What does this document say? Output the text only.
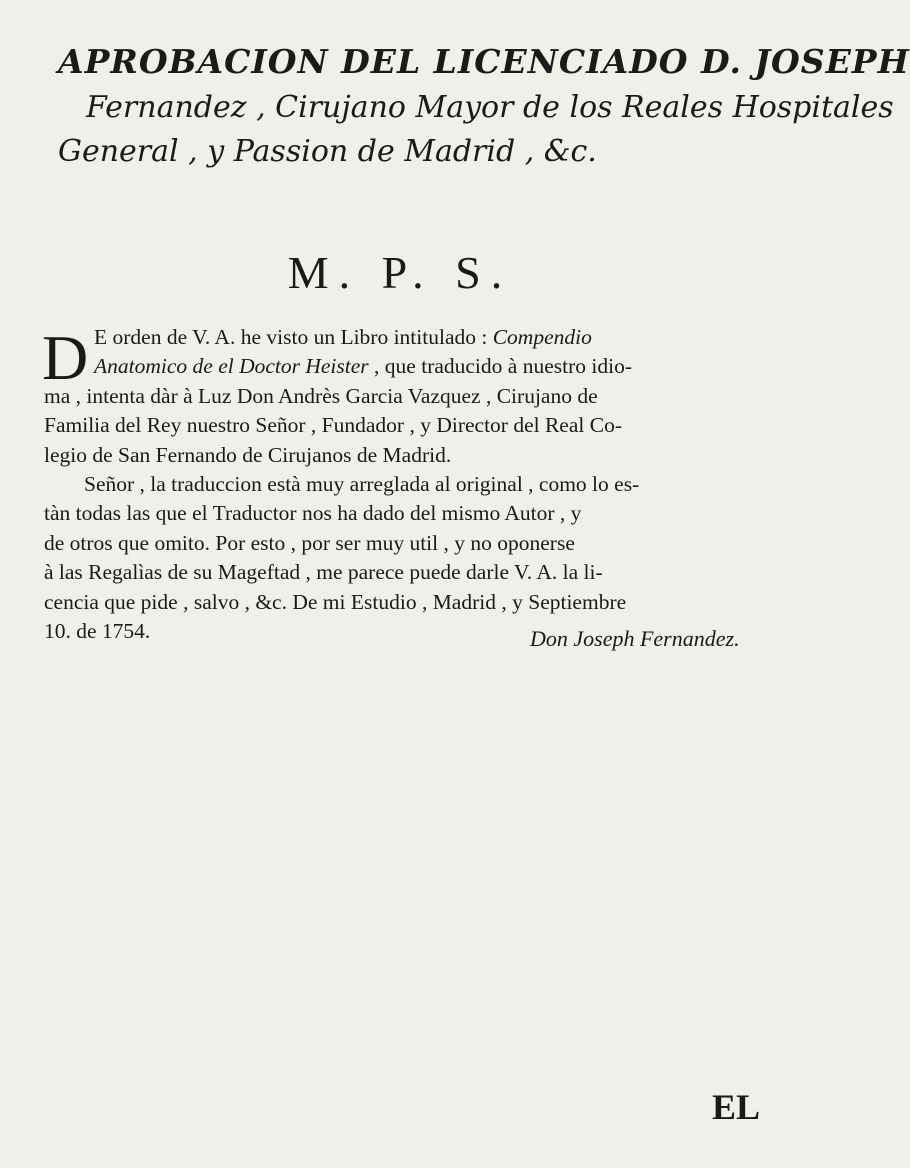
APROBACION DEL LICENCIADO D. JOSEPH
Fernandez , Cirujano Mayor de los Reales Hospitales
General , y Passion de Madrid , &c.
M. P. S.
D E orden de V. A. he visto un Libro intitulado : Compendio
Anatomico de el Doctor Heister , que traducido à nuestro idio-
ma , intenta dàr à Luz Don Andrès Garcia Vazquez , Cirujano de
Familia del Rey nuestro Señor , Fundador , y Director del Real Co-
legio de San Fernando de Cirujanos de Madrid.
Señor , la traduccion està muy arreglada al original , como lo es-
tàn todas las que el Traductor nos ha dado del mismo Autor , y
de otros que omito. Por esto , por ser muy util , y no oponerse
à las Regalìas de su Mageftad , me parece puede darle V. A. la li-
cencia que pide , salvo , &c. De mi Estudio , Madrid , y Septiembre
10. de 1754.	Don Joseph Fernandez.
EL
